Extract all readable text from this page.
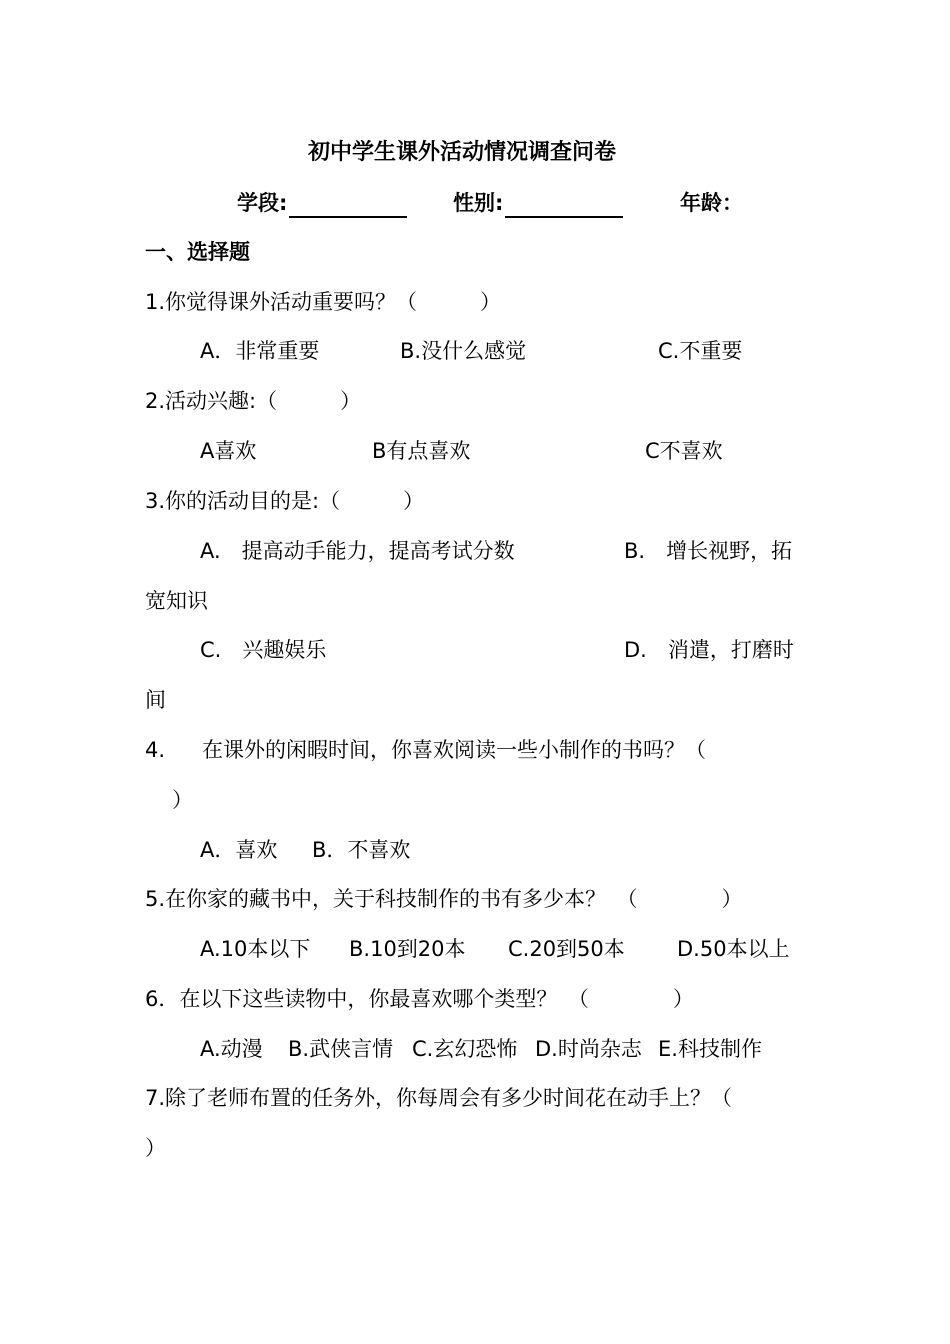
初中学生课外活动情况调查问卷
学段:	性别:	年龄：
一、选择题
1.你觉得课外活动重要吗？（　　　）
A．非常重要	B.没什么感觉	C.不重要
2.活动兴趣:（　　　）
A喜欢	B有点喜欢	C不喜欢
3.你的活动目的是:（　　　）
A.　提高动手能力，提高考试分数	B.　增长视野，拓
宽知识
C.　兴趣娱乐	D.　消遣，打磨时
间
4. 在课外的闲暇时间，你喜欢阅读一些小制作的书吗？（
）
A．喜欢 B．不喜欢
5.在你家的藏书中，关于科技制作的书有多少本？　（　　　　）
A.10本以下 B.10到20本 C.20到50本 D.50本以上
6．在以下这些读物中，你最喜欢哪个类型？　（　　　　）
A.动漫 B.武侠言情 C.玄幻恐怖 D.时尚杂志 E.科技制作
7.除了老师布置的任务外，你每周会有多少时间花在动手上？（
）
